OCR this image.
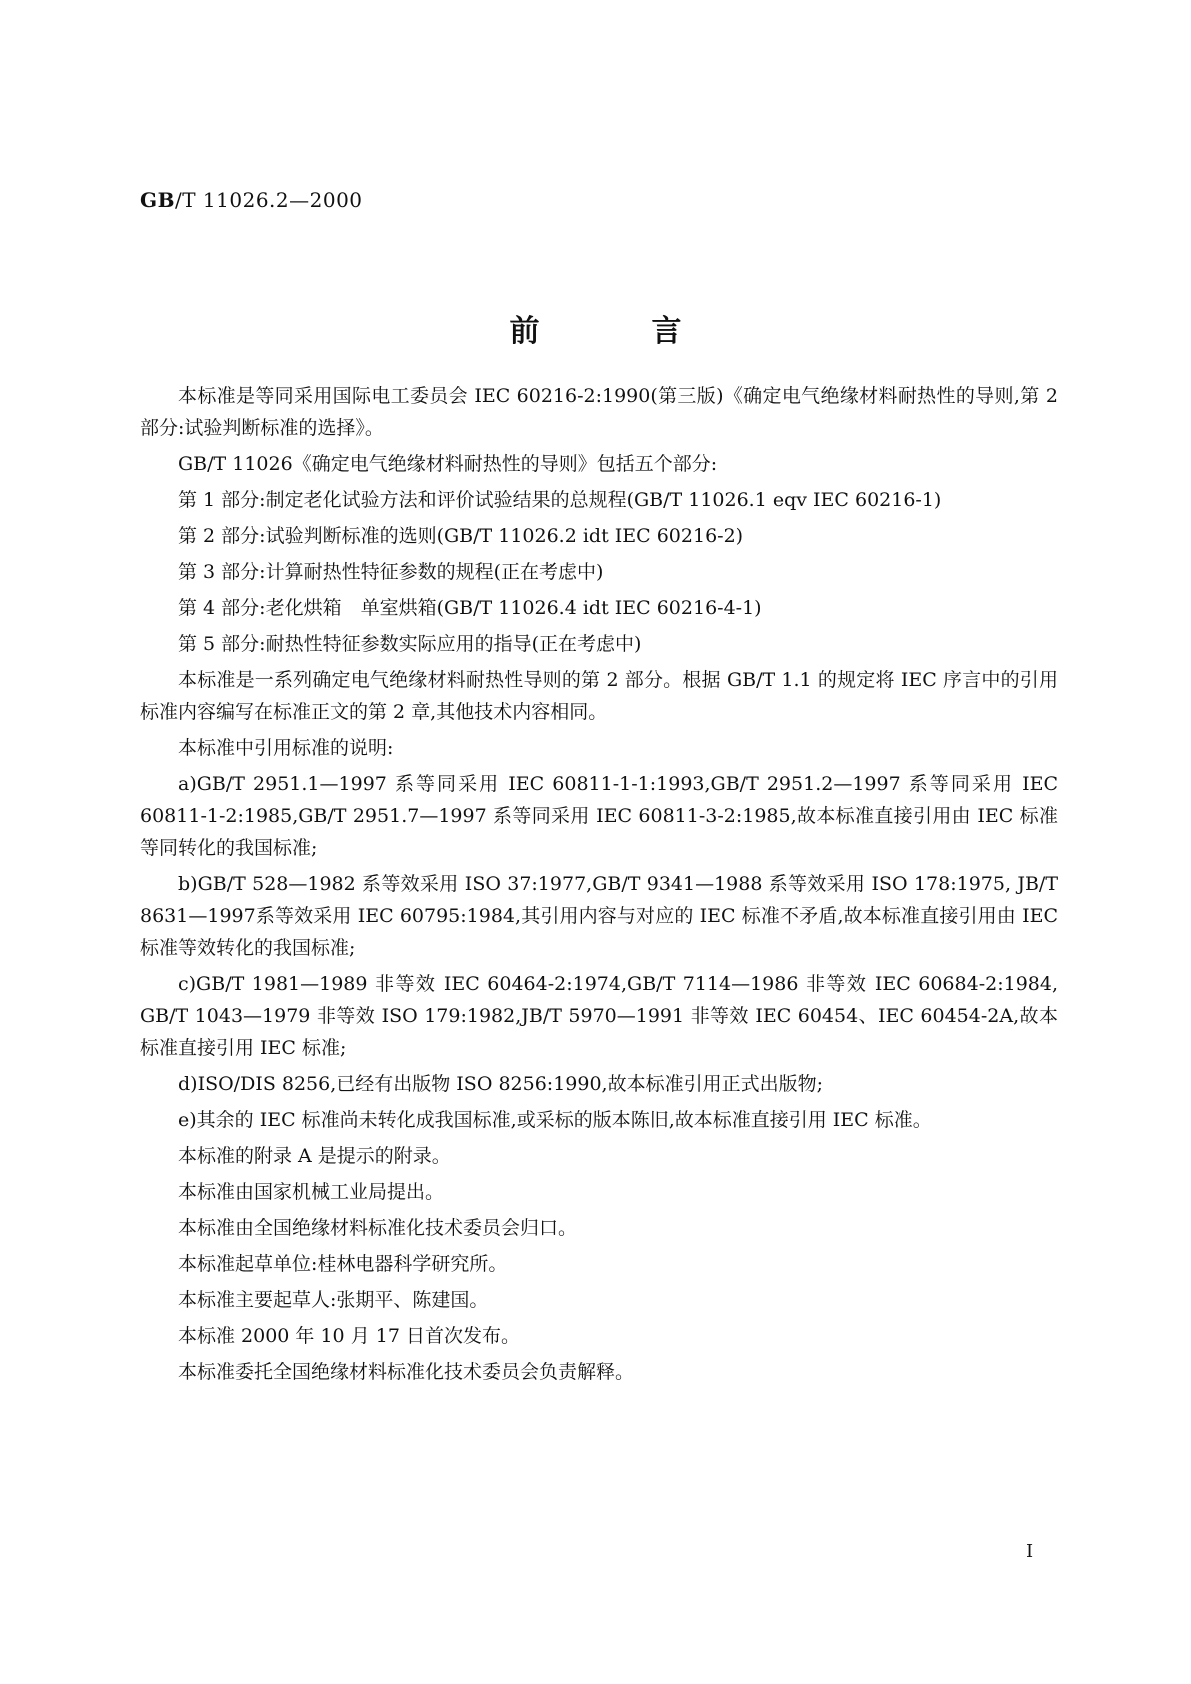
GB/T 11026.2—2000
前言

本标准是等同采用国际电工委员会 IEC 60216-2:1990(第三版)《确定电气绝缘材料耐热性的导则,第 2 部分:试验判断标准的选择》。

GB/T 11026《确定电气绝缘材料耐热性的导则》包括五个部分:

第 1 部分:制定老化试验方法和评价试验结果的总规程(GB/T 11026.1 eqv IEC 60216-1)

第 2 部分:试验判断标准的选则(GB/T 11026.2 idt IEC 60216-2)

第 3 部分:计算耐热性特征参数的规程(正在考虑中)

第 4 部分:老化烘箱　单室烘箱(GB/T 11026.4 idt IEC 60216-4-1)

第 5 部分:耐热性特征参数实际应用的指导(正在考虑中)

本标准是一系列确定电气绝缘材料耐热性导则的第 2 部分。根据 GB/T 1.1 的规定将 IEC 序言中的引用标准内容编写在标准正文的第 2 章,其他技术内容相同。

本标准中引用标准的说明:

a)GB/T 2951.1—1997 系等同采用 IEC 60811-1-1:1993,GB/T 2951.2—1997 系等同采用 IEC 60811-1-2:1985,GB/T 2951.7—1997 系等同采用 IEC 60811-3-2:1985,故本标准直接引用由 IEC 标准等同转化的我国标准;

b)GB/T 528—1982 系等效采用 ISO 37:1977,GB/T 9341—1988 系等效采用 ISO 178:1975, JB/T 8631—1997系等效采用 IEC 60795:1984,其引用内容与对应的 IEC 标准不矛盾,故本标准直接引用由 IEC 标准等效转化的我国标准;

c)GB/T 1981—1989 非等效 IEC 60464-2:1974,GB/T 7114—1986 非等效 IEC 60684-2:1984, GB/T 1043—1979 非等效 ISO 179:1982,JB/T 5970—1991 非等效 IEC 60454、IEC 60454-2A,故本标准直接引用 IEC 标准;

d)ISO/DIS 8256,已经有出版物 ISO 8256:1990,故本标准引用正式出版物;

e)其余的 IEC 标准尚未转化成我国标准,或采标的版本陈旧,故本标准直接引用 IEC 标准。

本标准的附录 A 是提示的附录。

本标准由国家机械工业局提出。

本标准由全国绝缘材料标准化技术委员会归口。

本标准起草单位:桂林电器科学研究所。

本标准主要起草人:张期平、陈建国。

本标准 2000 年 10 月 17 日首次发布。

本标准委托全国绝缘材料标准化技术委员会负责解释。

I
